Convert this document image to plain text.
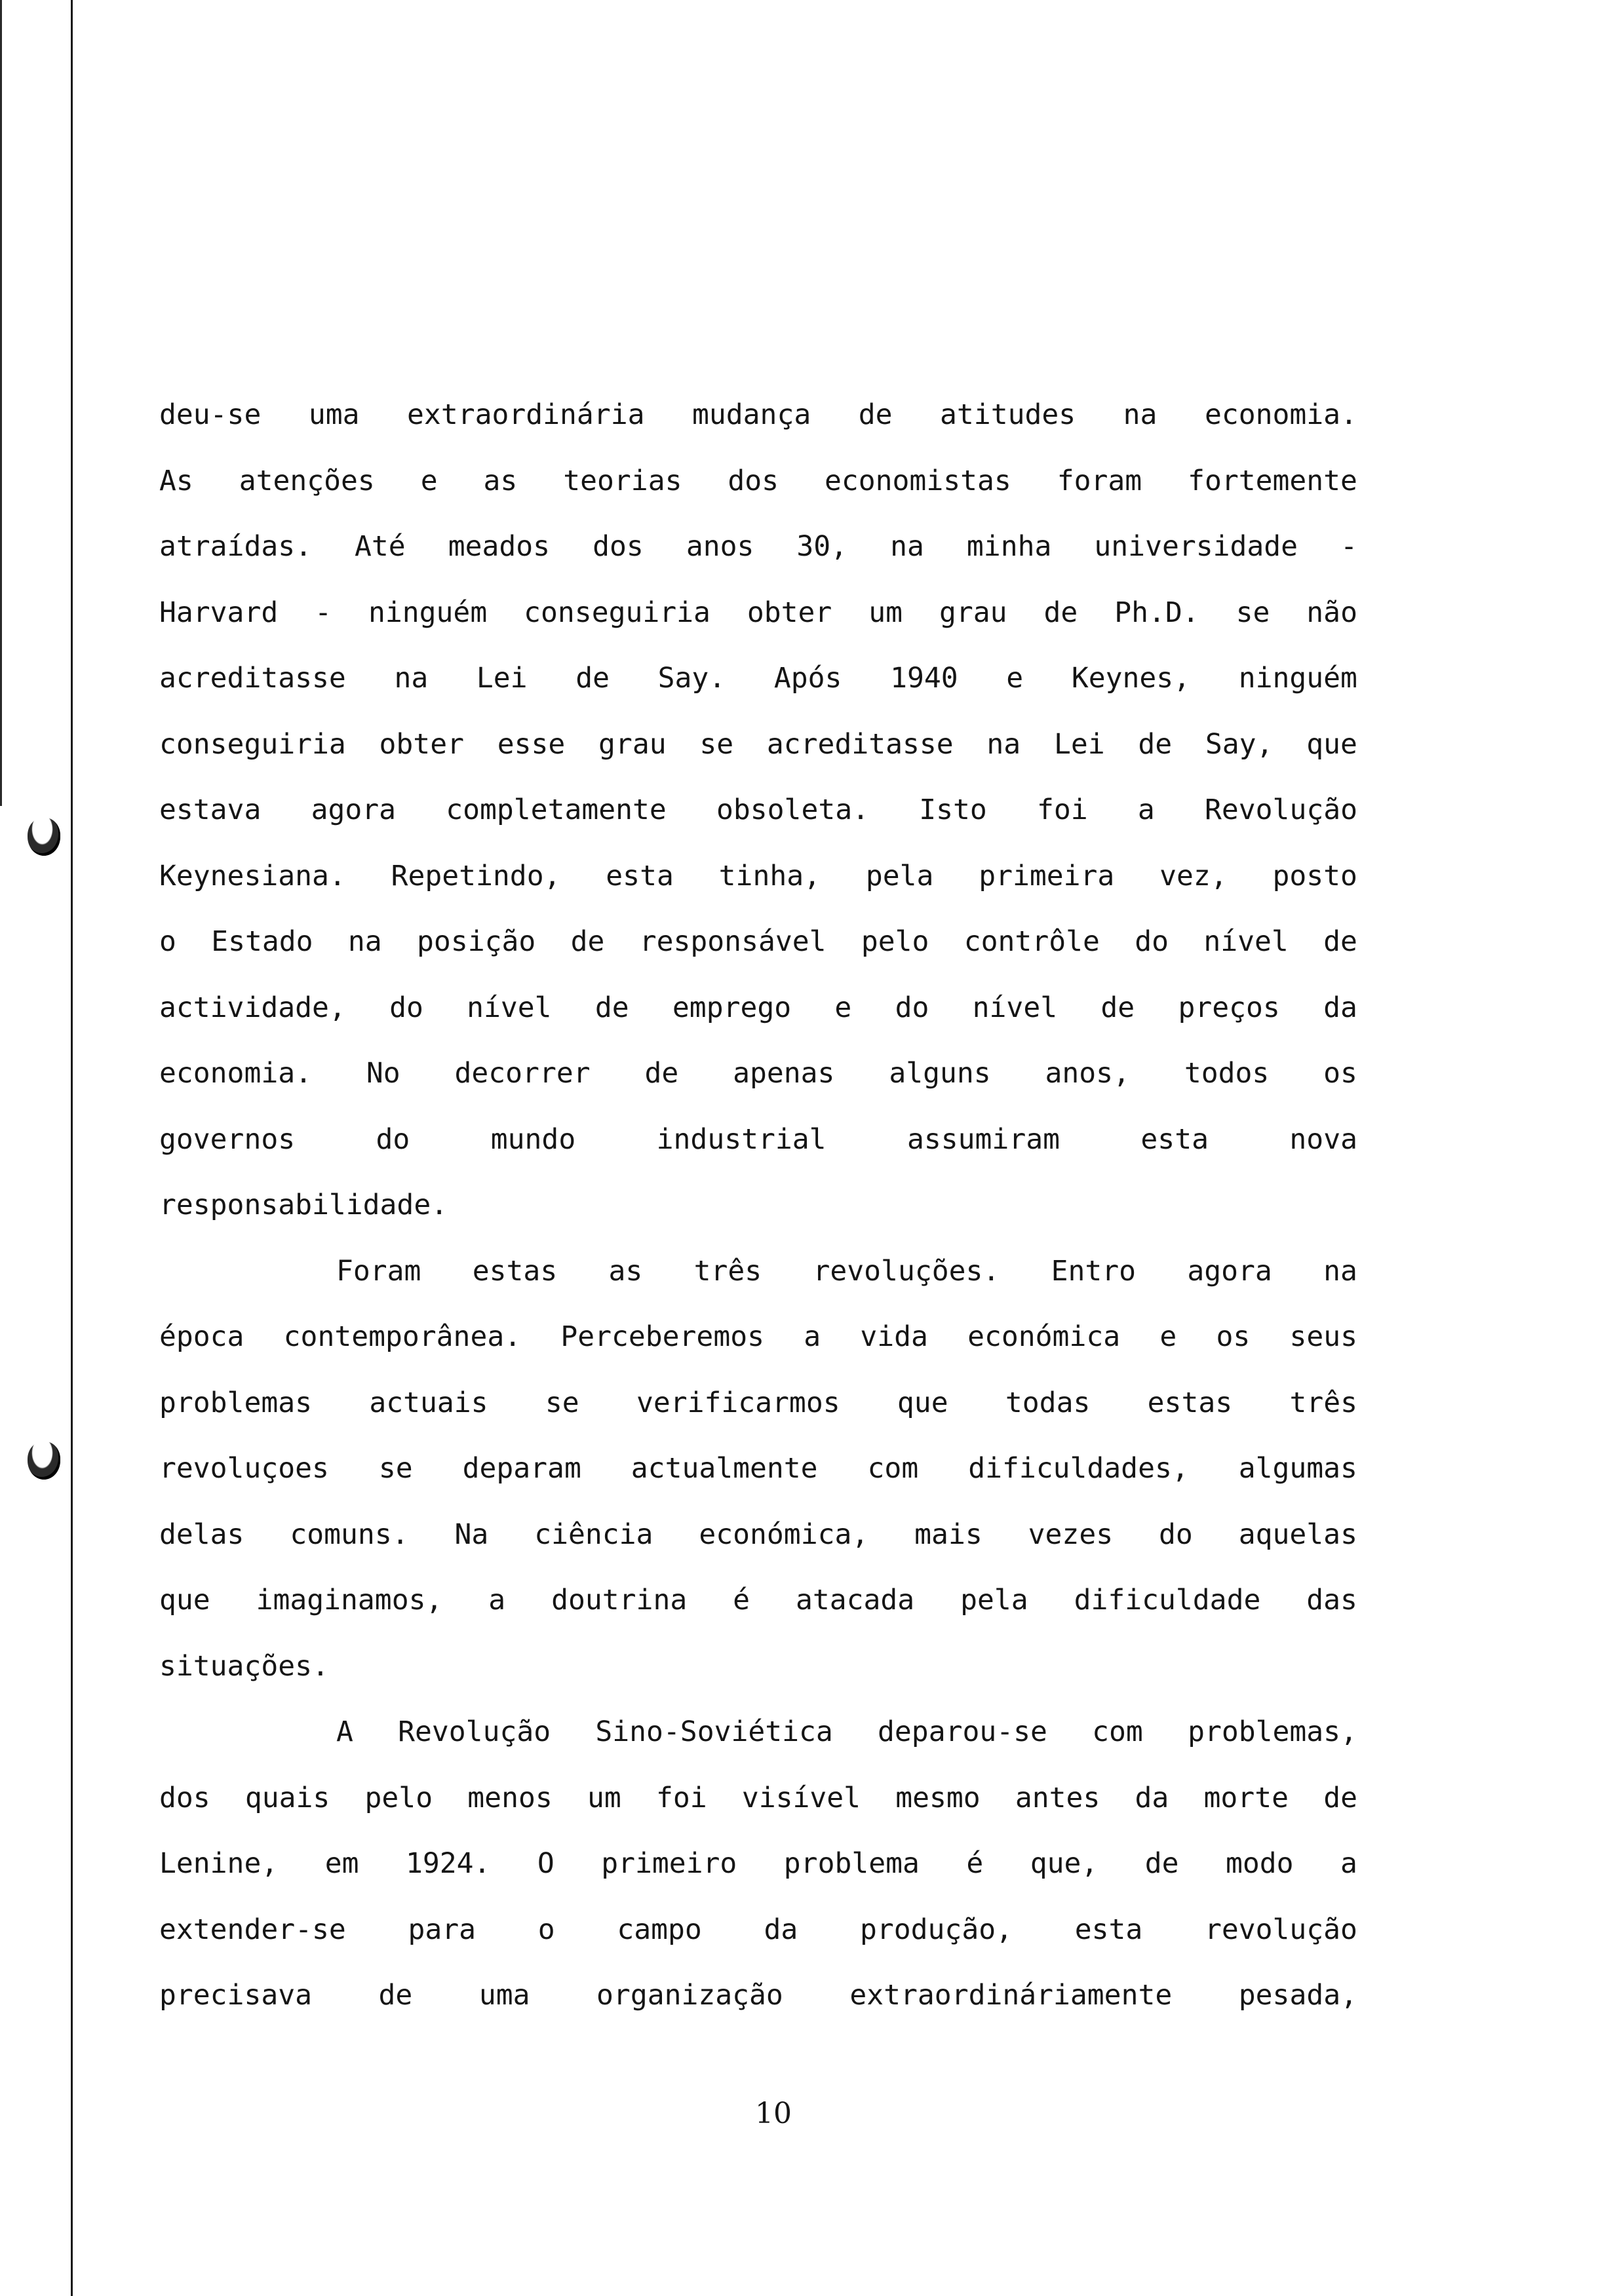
deu-se uma extraordinária mudança de atitudes na economia.
As atenções e as teorias dos economistas foram fortemente
atraídas. Até meados dos anos 30, na minha universidade -
Harvard - ninguém conseguiria obter um grau de Ph.D. se não
acreditasse na Lei de Say. Após 1940 e Keynes, ninguém
conseguiria obter esse grau se acreditasse na Lei de Say, que
estava agora completamente obsoleta. Isto foi a Revolução
Keynesiana. Repetindo, esta tinha, pela primeira vez, posto
o Estado na posição de responsável pelo contrôle do nível de
actividade, do nível de emprego e do nível de preços da
economia. No decorrer de apenas alguns anos, todos os
governos	do	mundo	industrial	assumiram	esta	nova
responsabilidade.
Foram estas as três revoluções. Entro agora na
época contemporânea. Perceberemos a vida económica e os seus
problemas actuais se verificarmos que todas estas três
revoluçoes se deparam actualmente com dificuldades, algumas
delas comuns. Na ciência económica, mais vezes do aquelas
que imaginamos, a doutrina é atacada pela dificuldade das
situações.
A Revolução Sino-Soviética deparou-se com problemas,
dos quais pelo menos um foi visível mesmo antes da morte de
Lenine, em 1924. O primeiro problema é que, de modo a
extender-se para o campo da produção, esta revolução
precisava de uma organização extraordináriamente pesada,
10
